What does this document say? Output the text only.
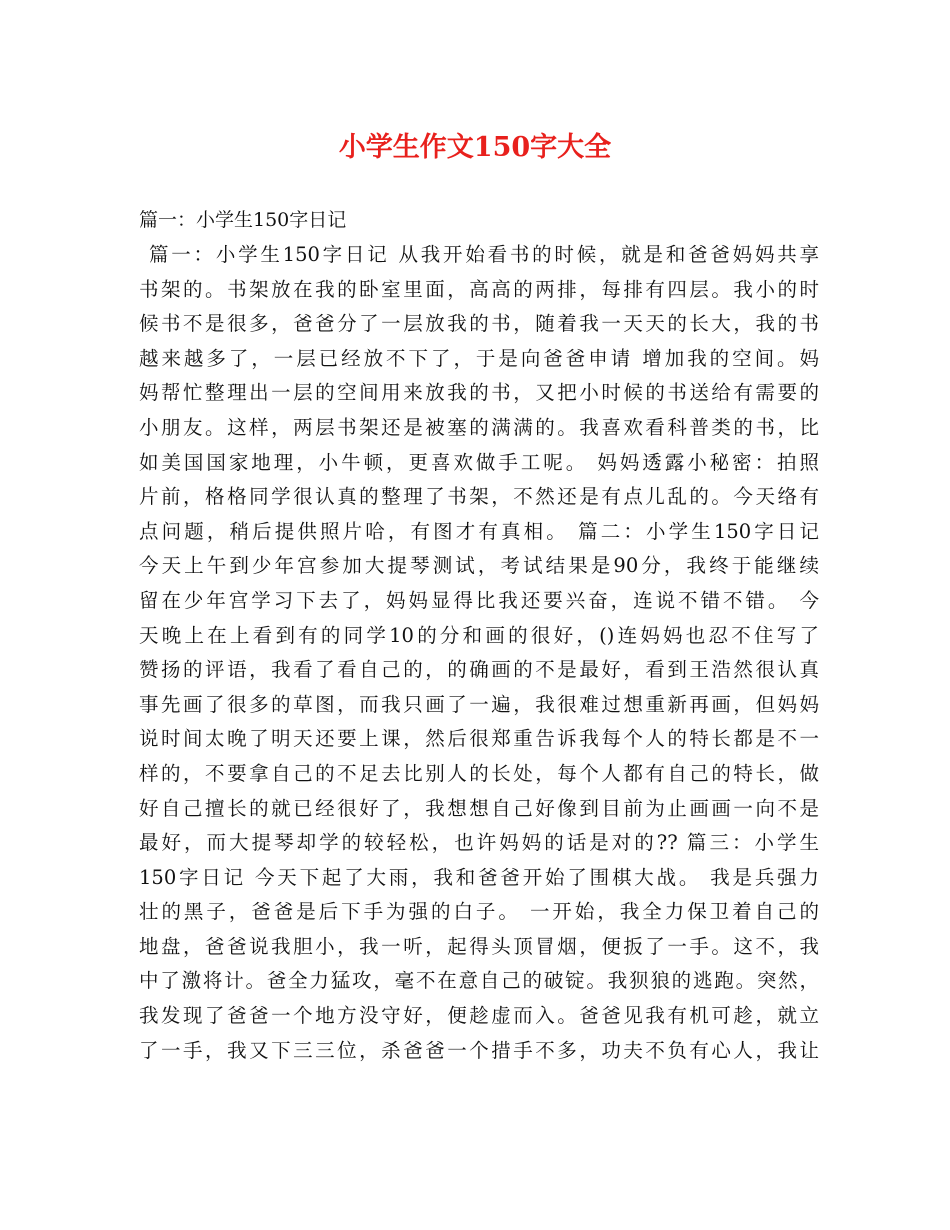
小学生作文150字大全
篇一：小学生150字日记
篇一：小学生150字日记 从我开始看书的时候，就是和爸爸妈妈共享
书架的。书架放在我的卧室里面，高高的两排，每排有四层。我小的时
候书不是很多，爸爸分了一层放我的书，随着我一天天的长大，我的书
越来越多了，一层已经放不下了，于是向爸爸申请 增加我的空间。妈
妈帮忙整理出一层的空间用来放我的书，又把小时候的书送给有需要的
小朋友。这样，两层书架还是被塞的满满的。我喜欢看科普类的书，比
如美国国家地理，小牛顿，更喜欢做手工呢。 妈妈透露小秘密：拍照
片前，格格同学很认真的整理了书架，不然还是有点儿乱的。今天络有
点问题，稍后提供照片哈，有图才有真相。 篇二：小学生150字日记
今天上午到少年宫参加大提琴测试，考试结果是90分，我终于能继续
留在少年宫学习下去了，妈妈显得比我还要兴奋，连说不错不错。 今
天晚上在上看到有的同学10的分和画的很好，()连妈妈也忍不住写了
赞扬的评语，我看了看自己的，的确画的不是最好，看到王浩然很认真
事先画了很多的草图，而我只画了一遍，我很难过想重新再画，但妈妈
说时间太晚了明天还要上课，然后很郑重告诉我每个人的特长都是不一
样的，不要拿自己的不足去比别人的长处，每个人都有自己的特长，做
好自己擅长的就已经很好了，我想想自己好像到目前为止画画一向不是
最好，而大提琴却学的较轻松，也许妈妈的话是对的?? 篇三：小学生
150字日记 今天下起了大雨，我和爸爸开始了围棋大战。 我是兵强力
壮的黑子，爸爸是后下手为强的白子。 一开始，我全力保卫着自己的
地盘，爸爸说我胆小，我一听，起得头顶冒烟，便扳了一手。这不，我
中了激将计。爸全力猛攻，毫不在意自己的破锭。我狈狼的逃跑。突然，
我发现了爸爸一个地方没守好，便趁虚而入。爸爸见我有机可趁，就立
了一手，我又下三三位，杀爸爸一个措手不多，功夫不负有心人，我让
